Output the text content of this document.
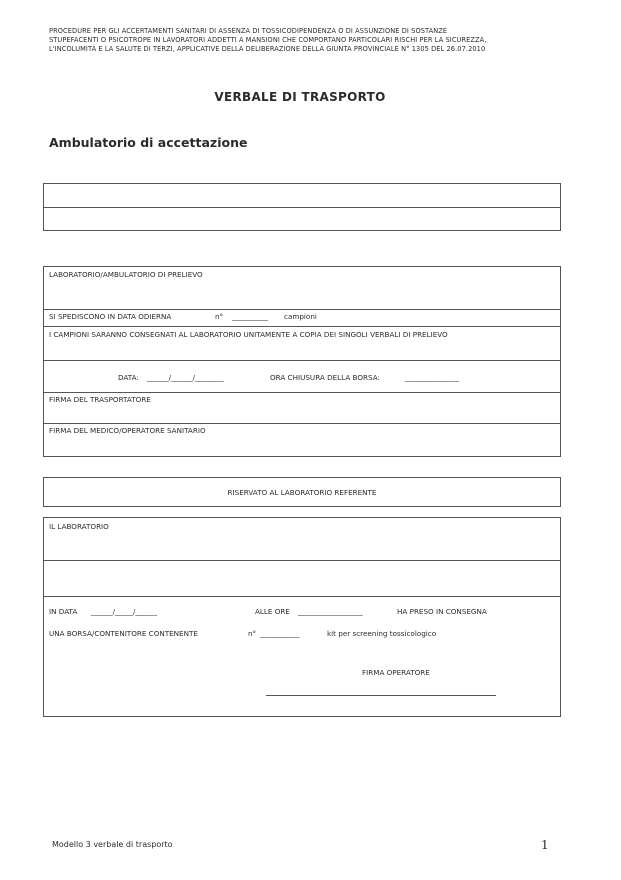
PROCEDURE PER GLI ACCERTAMENTI SANITARI DI ASSENZA DI TOSSICODIPENDENZA O DI ASSUNZIONE DI SOSTANZE
STUPEFACENTI O PSICOTROPE IN LAVORATORI ADDETTI A MANSIONI CHE COMPORTANO PARTICOLARI RISCHI PER LA SICUREZZA,
L'INCOLUMITÀ E LA SALUTE DI TERZI, APPLICATIVE DELLA DELIBERAZIONE DELLA GIUNTA PROVINCIALE N° 1305 DEL 26.07.2010
VERBALE DI TRASPORTO
Ambulatorio di accettazione
LABORATORIO/AMBULATORIO DI PRELIEVO
SI SPEDISCONO IN DATA ODIERNA	n° __________ campioni
I CAMPIONI SARANNO CONSEGNATI AL LABORATORIO UNITAMENTE A COPIA DEI SINGOLI VERBALI DI PRELIEVO
DATA: ______/______/________	ORA CHIUSURA DELLA BORSA:	_______________
FIRMA DEL TRASPORTATORE
FIRMA DEL MEDICO/OPERATORE SANITARIO
RISERVATO AL LABORATORIO REFERENTE
IL LABORATORIO
IN DATA ______/_____/______	ALLE ORE __________________	HA PRESO IN CONSEGNA
UNA BORSA/CONTENITORE CONTENENTE	n° ___________	kit per screening tossicologico
FIRMA OPERATORE
Modello 3 verbale di trasporto	1
